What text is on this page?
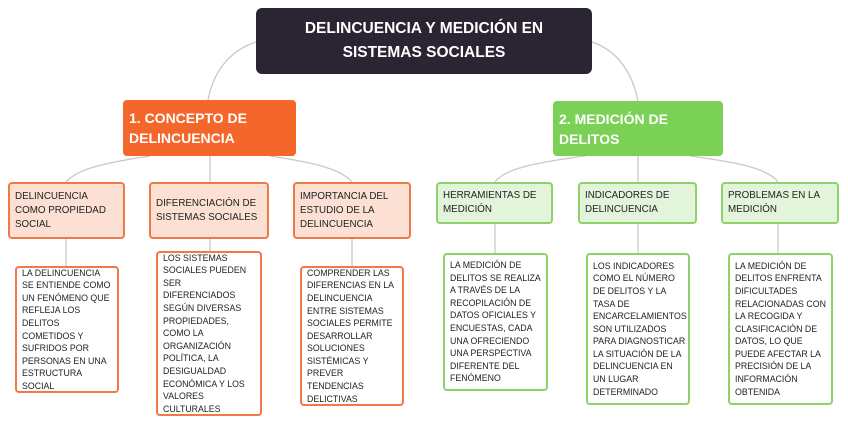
DELINCUENCIA Y MEDICIÓN EN SISTEMAS SOCIALES
1. CONCEPTO DE DELINCUENCIA
2. MEDICIÓN DE DELITOS
DELINCUENCIA COMO PROPIEDAD SOCIAL
DIFERENCIACIÓN DE SISTEMAS SOCIALES
IMPORTANCIA DEL ESTUDIO DE LA DELINCUENCIA
HERRAMIENTAS DE MEDICIÓN
INDICADORES DE DELINCUENCIA
PROBLEMAS EN LA MEDICIÓN
LA DELINCUENCIA SE ENTIENDE COMO UN FENÓMENO QUE REFLEJA LOS DELITOS COMETIDOS Y SUFRIDOS POR PERSONAS EN UNA ESTRUCTURA SOCIAL
LOS SISTEMAS SOCIALES PUEDEN SER DIFERENCIADOS SEGÚN DIVERSAS PROPIEDADES, COMO LA ORGANIZACIÓN POLÍTICA, LA DESIGUALDAD ECONÓMICA Y LOS VALORES CULTURALES
COMPRENDER LAS DIFERENCIAS EN LA DELINCUENCIA ENTRE SISTEMAS SOCIALES PERMITE DESARROLLAR SOLUCIONES SISTÉMICAS Y PREVER TENDENCIAS DELICTIVAS
LA MEDICIÓN DE DELITOS SE REALIZA A TRAVÉS DE LA RECOPILACIÓN DE DATOS OFICIALES Y ENCUESTAS, CADA UNA OFRECIENDO UNA PERSPECTIVA DIFERENTE DEL FENÓMENO
LOS INDICADORES COMO EL NÚMERO DE DELITOS Y LA TASA DE ENCARCELAMIENTOS SON UTILIZADOS PARA DIAGNOSTICAR LA SITUACIÓN DE LA DELINCUENCIA EN UN LUGAR DETERMINADO
LA MEDICIÓN DE DELITOS ENFRENTA DIFICULTADES RELACIONADAS CON LA RECOGIDA Y CLASIFICACIÓN DE DATOS, LO QUE PUEDE AFECTAR LA PRECISIÓN DE LA INFORMACIÓN OBTENIDA
